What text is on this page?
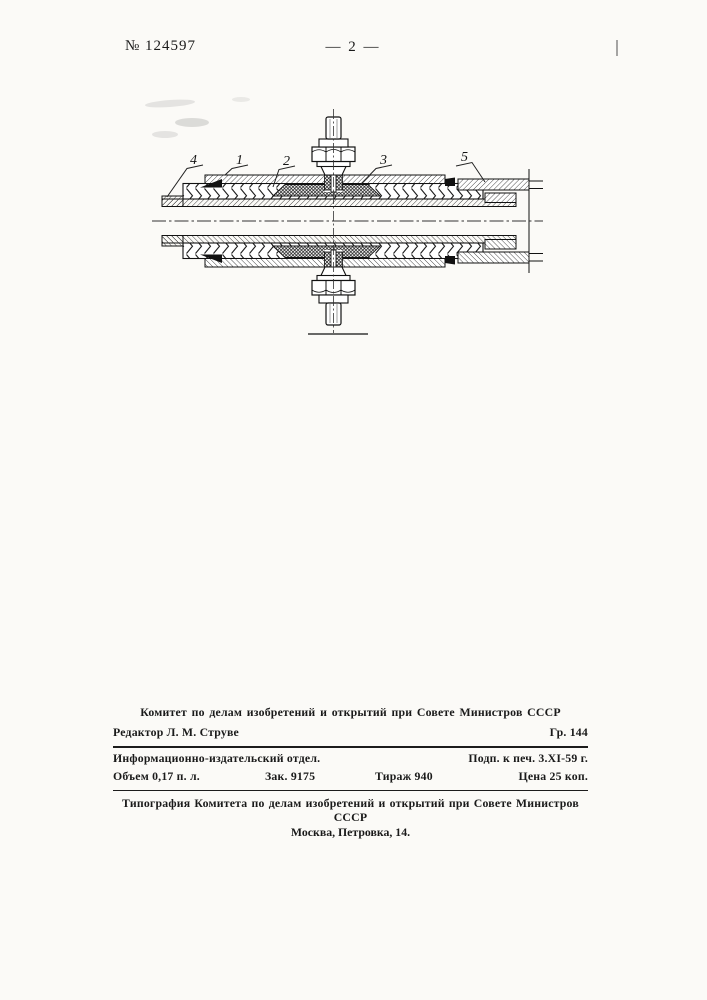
№ 124597	— 2 —
4	1	2	3	5
Комитет по делам изобретений и открытий при Совете Министров СССР
Редактор Л. М. Струве	Гр. 144
Информационно-издательский отдел.	Подп. к печ. 3.XI-59 г.
Объем 0,17 п. л.	Зак. 9175	Тираж 940	Цена 25 коп.
Типография Комитета по делам изобретений и открытий при Совете Министров СССР
Москва, Петровка, 14.
